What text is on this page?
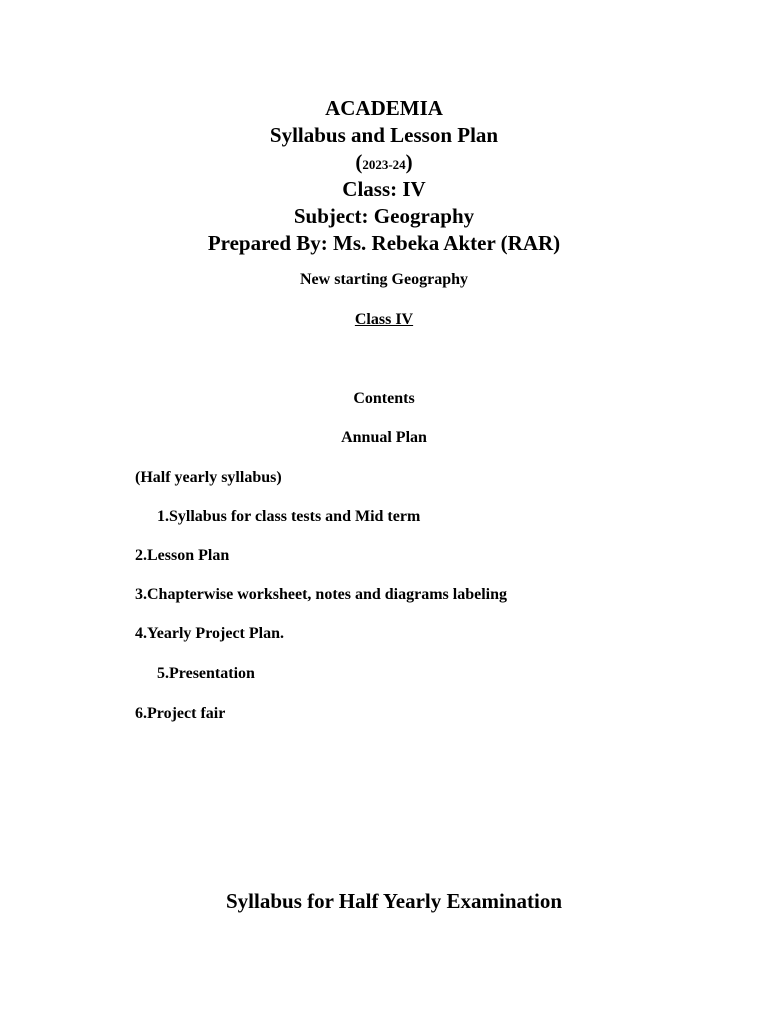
ACADEMIA
Syllabus and Lesson Plan
(2023-24)
Class: IV
Subject: Geography
Prepared By: Ms. Rebeka Akter (RAR)
New starting Geography
Class IV
Contents
Annual Plan
(Half yearly syllabus)
1.Syllabus for class tests and Mid term
2.Lesson Plan
3.Chapterwise worksheet, notes and diagrams labeling
4.Yearly Project Plan.
5.Presentation
6.Project fair
Syllabus for Half Yearly Examination
